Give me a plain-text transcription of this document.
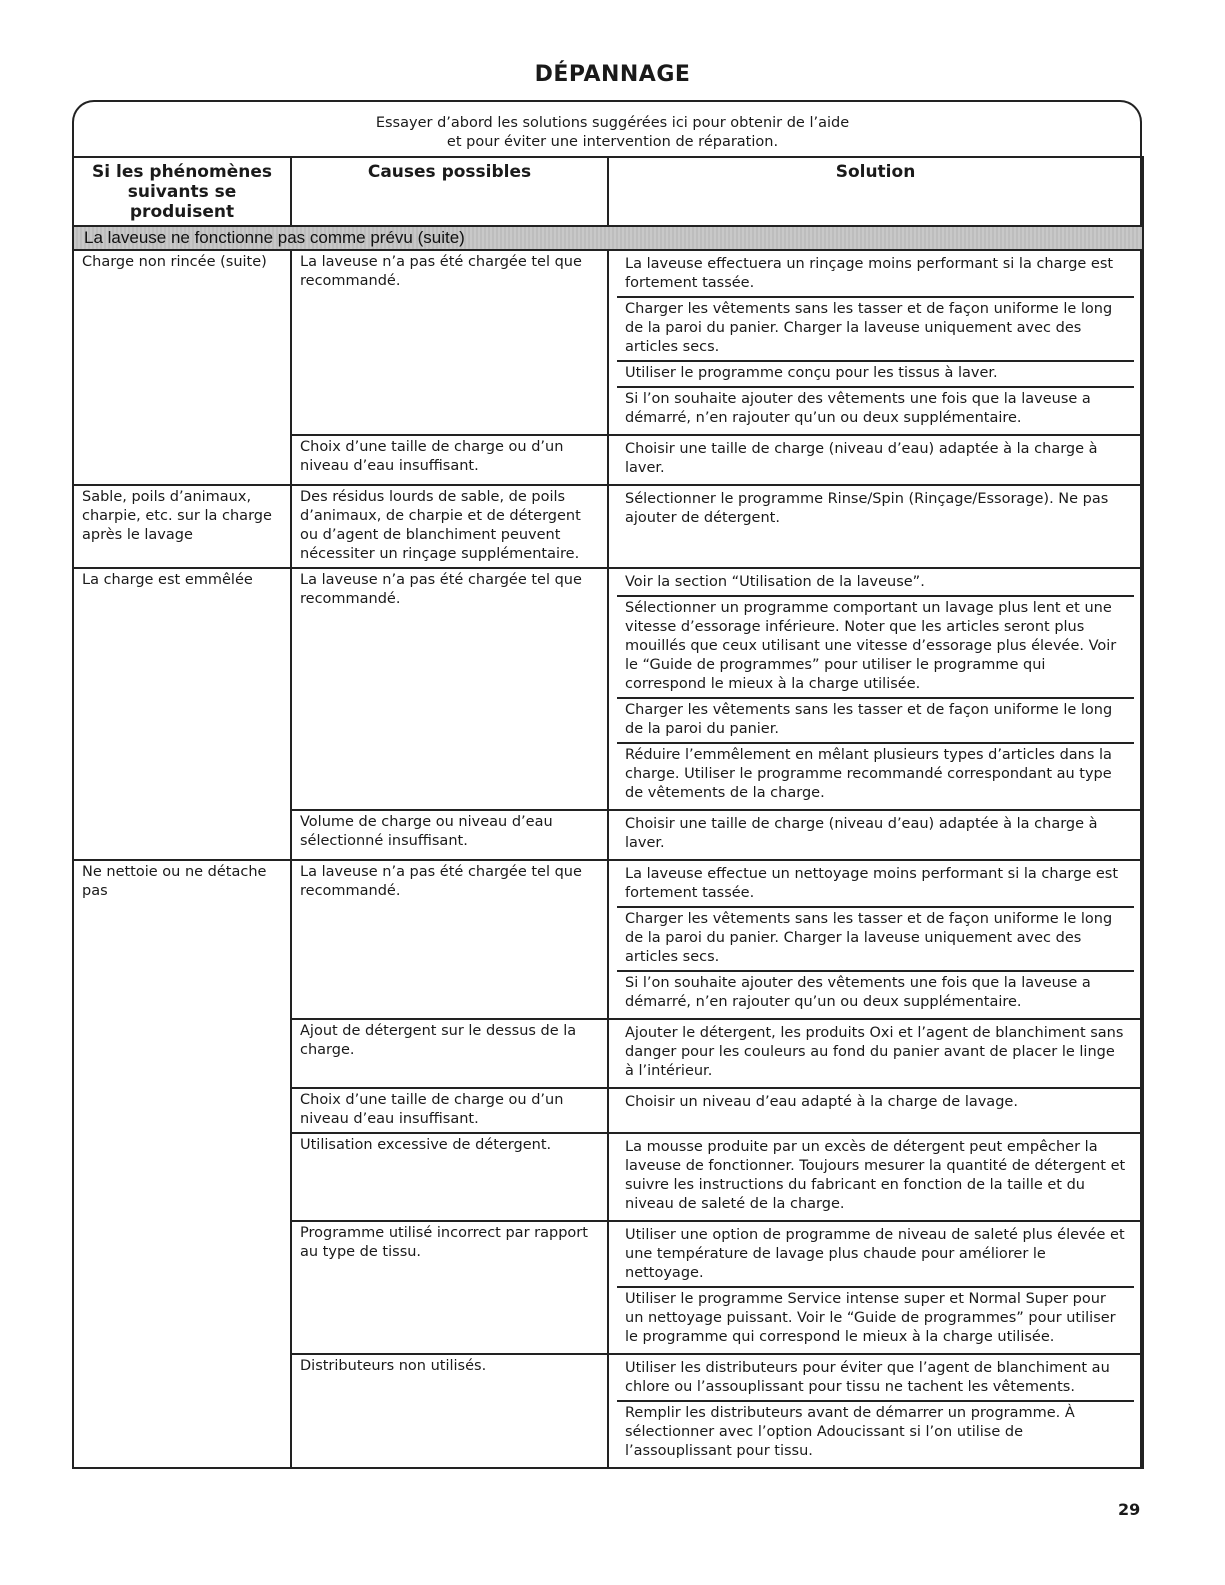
DÉPANNAGE
Essayer d’abord les solutions suggérées ici pour obtenir de l’aide
et pour éviter une intervention de réparation.
Si les phénomènes suivants se produisent	Causes possibles	Solution
La laveuse ne fonctionne pas comme prévu (suite)		
Charge non rincée (suite)	La laveuse n’a pas été chargée tel que recommandé.	La laveuse effectuera un rinçage moins performant si la charge est fortement tassée.
Charger les vêtements sans les tasser et de façon uniforme le long de la paroi du panier. Charger la laveuse uniquement avec des articles secs.
Utiliser le programme conçu pour les tissus à laver.
Si l’on souhaite ajouter des vêtements une fois que la laveuse a démarré, n’en rajouter qu’un ou deux supplémentaire.

	Choix d’une taille de charge ou d’un niveau d’eau insuffisant.	Choisir une taille de charge (niveau d’eau) adaptée à la charge à laver.

Sable, poils d’animaux, charpie, etc. sur la charge après le lavage	Des résidus lourds de sable, de poils d’animaux, de charpie et de détergent ou d’agent de blanchiment peuvent nécessiter un rinçage supplémentaire.	Sélectionner le programme Rinse/Spin (Rinçage/Essorage). Ne pas ajouter de détergent.

La charge est emmêlée	La laveuse n’a pas été chargée tel que recommandé.	Voir la section “Utilisation de la laveuse”.
Sélectionner un programme comportant un lavage plus lent et une vitesse d’essorage inférieure. Noter que les articles seront plus mouillés que ceux utilisant une vitesse d’essorage plus élevée. Voir le “Guide de programmes” pour utiliser le programme qui correspond le mieux à la charge utilisée.
Charger les vêtements sans les tasser et de façon uniforme le long de la paroi du panier.
Réduire l’emmêlement en mêlant plusieurs types d’articles dans la charge. Utiliser le programme recommandé correspondant au type de vêtements de la charge.

	Volume de charge ou niveau d’eau sélectionné insuffisant.	Choisir une taille de charge (niveau d’eau) adaptée à la charge à laver.

Ne nettoie ou ne détache pas	La laveuse n’a pas été chargée tel que recommandé.	La laveuse effectue un nettoyage moins performant si la charge est fortement tassée.
Charger les vêtements sans les tasser et de façon uniforme le long de la paroi du panier. Charger la laveuse uniquement avec des articles secs.
Si l’on souhaite ajouter des vêtements une fois que la laveuse a démarré, n’en rajouter qu’un ou deux supplémentaire.

	Ajout de détergent sur le dessus de la charge.	Ajouter le détergent, les produits Oxi et l’agent de blanchiment sans danger pour les couleurs au fond du panier avant de placer le linge à l’intérieur.

	Choix d’une taille de charge ou d’un niveau d’eau insuffisant.	Choisir un niveau d’eau adapté à la charge de lavage.

	Utilisation excessive de détergent.	La mousse produite par un excès de détergent peut empêcher la laveuse de fonctionner. Toujours mesurer la quantité de détergent et suivre les instructions du fabricant en fonction de la taille et du niveau de saleté de la charge.

	Programme utilisé incorrect par rapport au type de tissu.	Utiliser une option de programme de niveau de saleté plus élevée et une température de lavage plus chaude pour améliorer le nettoyage.
Utiliser le programme Service intense super et Normal Super pour un nettoyage puissant. Voir le “Guide de programmes” pour utiliser le programme qui correspond le mieux à la charge utilisée.

	Distributeurs non utilisés.	Utiliser les distributeurs pour éviter que l’agent de blanchiment au chlore ou l’assouplissant pour tissu ne tachent les vêtements.
Remplir les distributeurs avant de démarrer un programme. À sélectionner avec l’option Adoucissant si l’on utilise de l’assouplissant pour tissu.
29
